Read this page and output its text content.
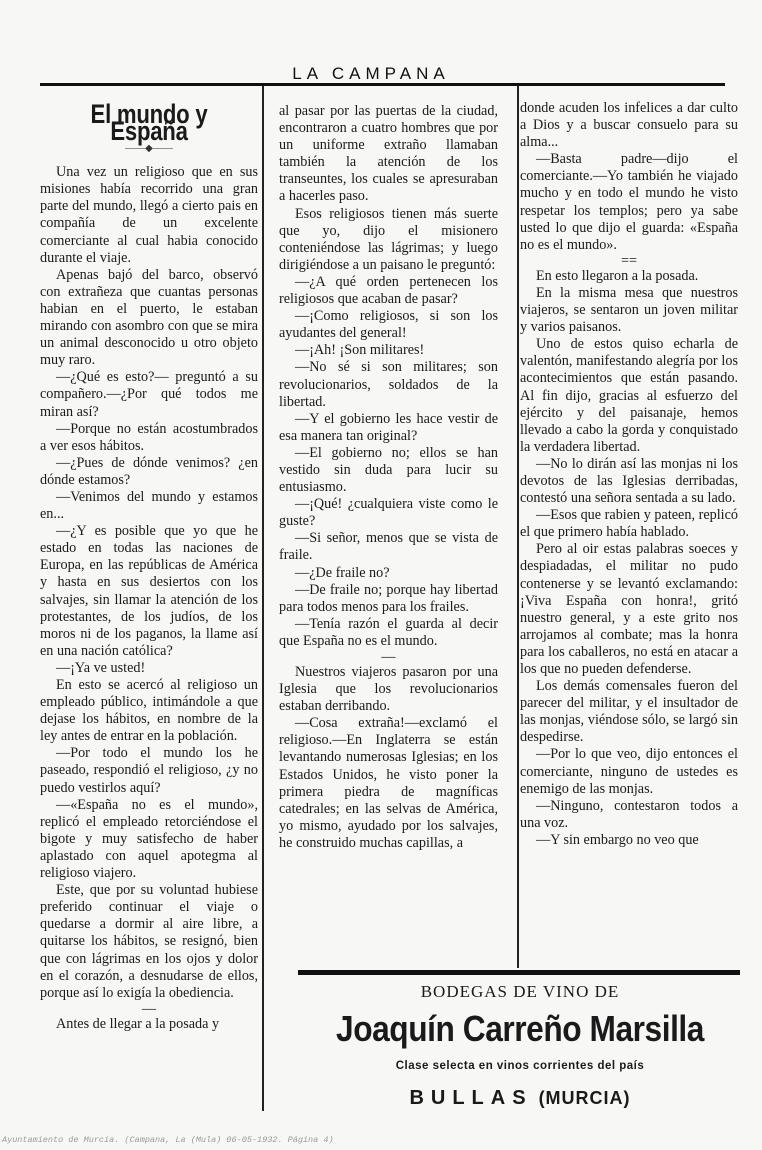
LA CAMPANA
El mundo y España
——◆——

Una vez un religioso que en sus misiones había recorrido una gran parte del mundo, llegó a cierto pais en compañía de un excelente comerciante al cual habia conocido durante el viaje.

Apenas bajó del barco, observó con extrañeza que cuantas personas habian en el puerto, le estaban mirando con asombro con que se mira un animal desconocido u otro objeto muy raro.

—¿Qué es esto?— preguntó a su compañero.—¿Por qué todos me miran así?

—Porque no están acostumbrados a ver esos hábitos.

—¿Pues de dónde venimos? ¿en dónde estamos?

—Venimos del mundo y estamos en...

—¿Y es posible que yo que he estado en todas las naciones de Europa, en las repúblicas de América y hasta en sus desiertos con los salvajes, sin llamar la atención de los protestantes, de los judíos, de los moros ni de los paganos, la llame así en una nación católica?

—¡Ya ve usted!

En esto se acercó al religioso un empleado público, intimándole a que dejase los hábitos, en nombre de la ley antes de entrar en la población.

—Por todo el mundo los he paseado, respondió el religioso, ¿y no puedo vestirlos aquí?

—«España no es el mundo», replicó el empleado retorciéndose el bigote y muy satisfecho de haber aplastado con aquel apotegma al religioso viajero.

Este, que por su voluntad hubiese preferido continuar el viaje o quedarse a dormir al aire libre, a quitarse los hábitos, se resignó, bien que con lágrimas en los ojos y dolor en el corazón, a desnudarse de ellos, porque así lo exigía la obediencia.

—

Antes de llegar a la posada y

al pasar por las puertas de la ciudad, encontraron a cuatro hombres que por un uniforme extraño llamaban también la atención de los transeuntes, los cuales se apresuraban a hacerles paso.

Esos religiosos tienen más suerte que yo, dijo el misionero conteniéndose las lágrimas; y luego dirigiéndose a un paisano le preguntó:

—¿A qué orden pertenecen los religiosos que acaban de pasar?

—¡Como religiosos, si son los ayudantes del general!

—¡Ah! ¡Son militares!

—No sé si son militares; son revolucionarios, soldados de la libertad.

—Y el gobierno les hace vestir de esa manera tan original?

—El gobierno no; ellos se han vestido sin duda para lucir su entusiasmo.

—¡Qué! ¿cualquiera viste como le guste?

—Si señor, menos que se vista de fraile.

—¿De fraile no?

—De fraile no; porque hay libertad para todos menos para los frailes.

—Tenía razón el guarda al decir que España no es el mundo.

—

Nuestros viajeros pasaron por una Iglesia que los revolucionarios estaban derribando.

—Cosa extraña!—exclamó el religioso.—En Inglaterra se están levantando numerosas Iglesias; en los Estados Unidos, he visto poner la primera piedra de magníficas catedrales; en las selvas de América, yo mismo, ayudado por los salvajes, he construido muchas capillas, a

donde acuden los infelices a dar culto a Dios y a buscar consuelo para su alma...

—Basta padre—dijo el comerciante.—Yo también he viajado mucho y en todo el mundo he visto respetar los templos; pero ya sabe usted lo que dijo el guarda: «España no es el mundo».

==

En esto llegaron a la posada.

En la misma mesa que nuestros viajeros, se sentaron un joven militar y varios paisanos.

Uno de estos quiso echarla de valentón, manifestando alegría por los acontecimientos que están pasando. Al fin dijo, gracias al esfuerzo del ejército y del paisanaje, hemos llevado a cabo la gorda y conquistado la verdadera libertad.

—No lo dirán así las monjas ni los devotos de las Iglesias derribadas, contestó una señora sentada a su lado.

—Esos que rabien y pateen, replicó el que primero había hablado.

Pero al oir estas palabras soeces y despiadadas, el militar no pudo contenerse y se levantó exclamando: ¡Viva España con honra!, gritó nuestro general, y a este grito nos arrojamos al combate; mas la honra para los caballeros, no está en atacar a los que no pueden defenderse.

Los demás comensales fueron del parecer del militar, y el insultador de las monjas, viéndose sólo, se largó sin despedirse.

—Por lo que veo, dijo entonces el comerciante, ninguno de ustedes es enemigo de las monjas.

—Ninguno, contestaron todos a una voz.

—Y sin embargo no veo que

BODEGAS DE VINO DE
Joaquín Carreño Marsilla
Clase selecta en vinos corrientes del país
BULLAS (MURCIA)
Ayuntamiento de Murcia. (Campana, La (Mula) 06-05-1932. Página 4)
